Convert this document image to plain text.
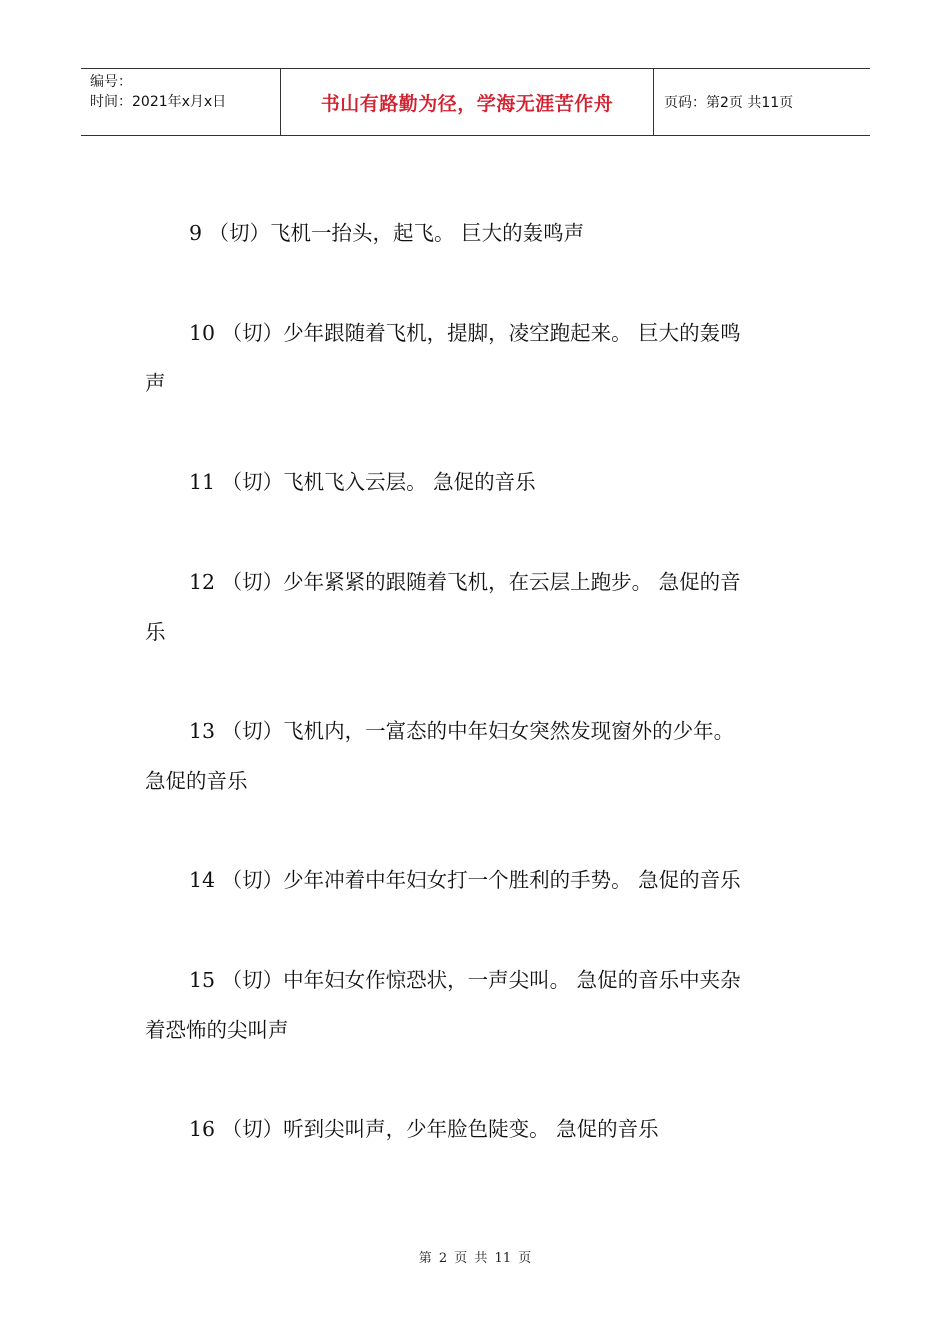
编号：
时间：2021年x月x日	书山有路勤为径，学海无涯苦作舟	页码：第2页 共11页
9 （切）飞机一抬头，起飞。 巨大的轰鸣声
10 （切）少年跟随着飞机，提脚，凌空跑起来。 巨大的轰鸣
声
11 （切）飞机飞入云层。 急促的音乐
12 （切）少年紧紧的跟随着飞机，在云层上跑步。 急促的音
乐
13 （切）飞机内，一富态的中年妇女突然发现窗外的少年。
急促的音乐
14 （切）少年冲着中年妇女打一个胜利的手势。 急促的音乐
15 （切）中年妇女作惊恐状，一声尖叫。 急促的音乐中夹杂
着恐怖的尖叫声
16 （切）听到尖叫声，少年脸色陡变。 急促的音乐
第 2 页 共 11 页
